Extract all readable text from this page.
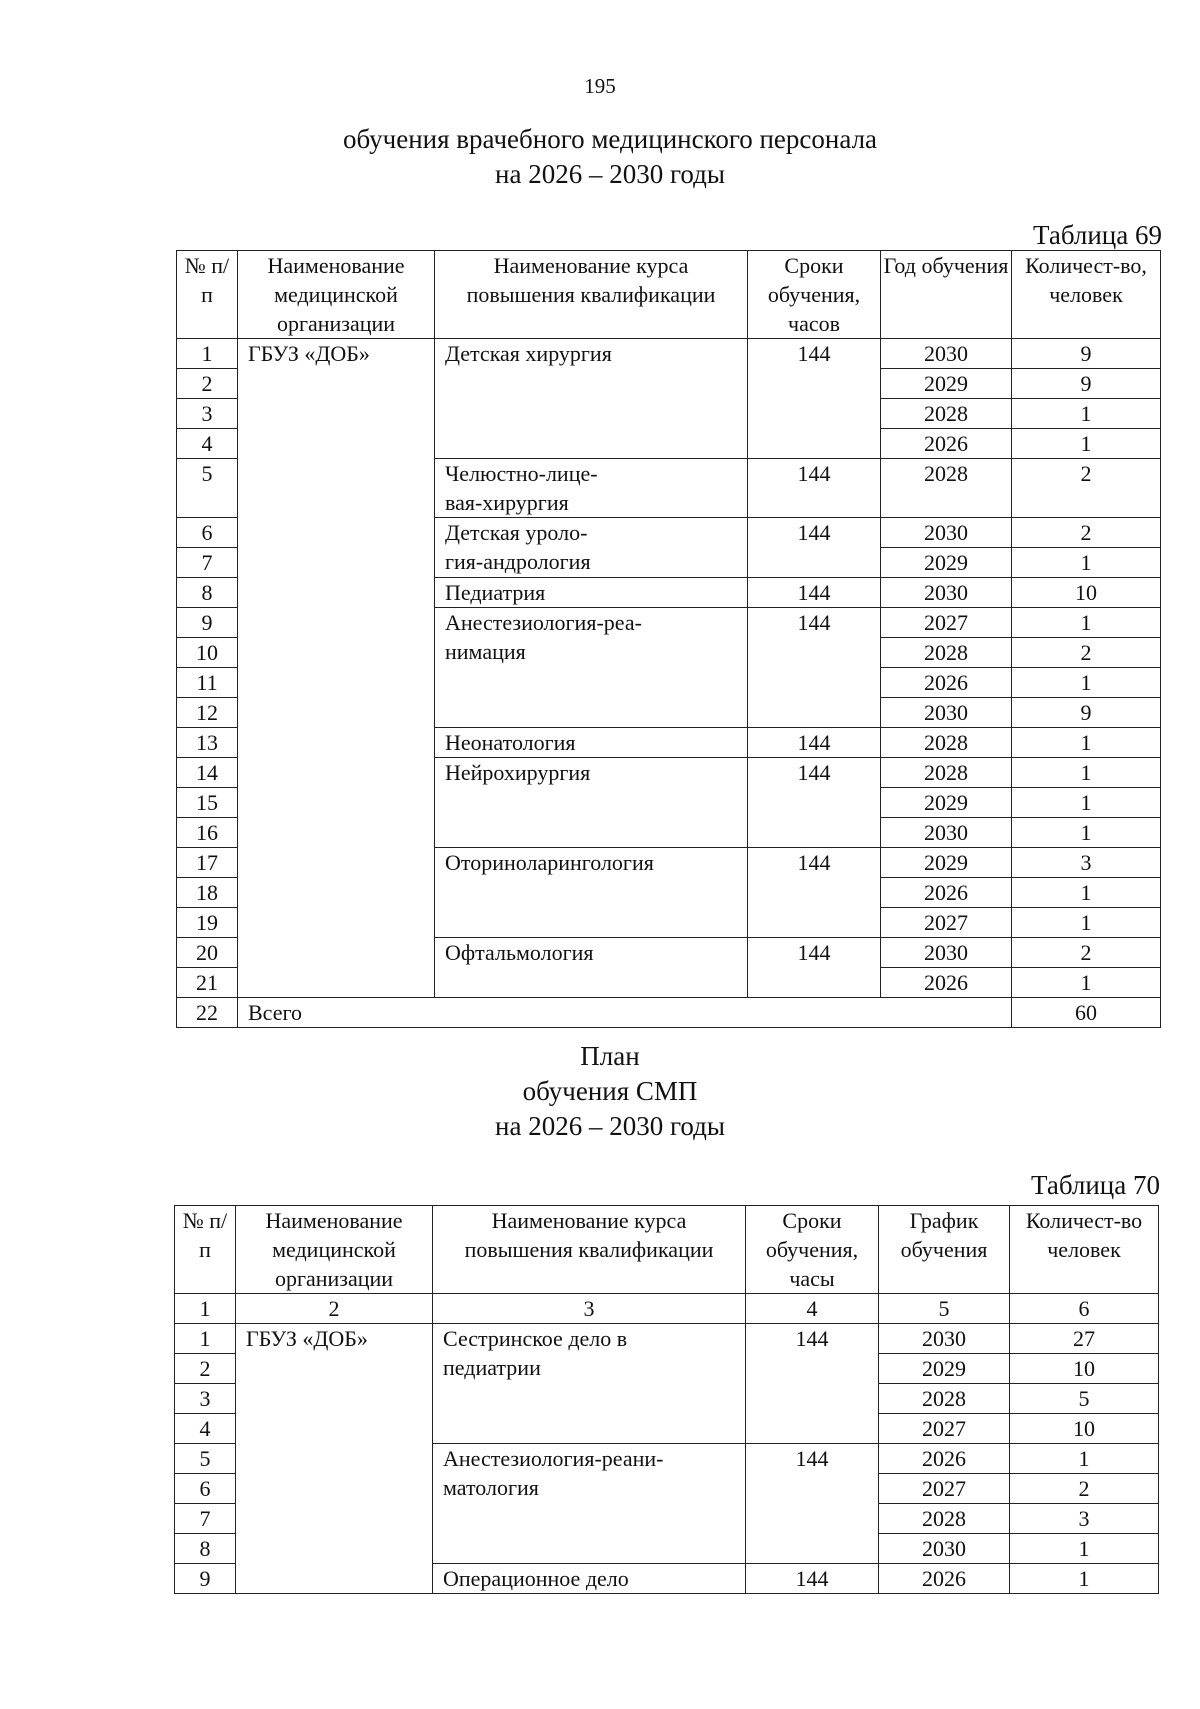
195
обучения врачебного медицинского персонала
на 2026 – 2030 годы
Таблица 69
№ п/п	Наименование медицинской организации	Наименование курса повышения квалификации	Сроки обучения, часов	Год обучения	Количест-во, человек
1	ГБУЗ «ДОБ»	Детская хирургия	144	2030	9
2				2029	9
3				2028	1
4				2026	1
5		Челюстно-лице-вая-хирургия	144	2028	2
6		Детская уроло-гия-андрология	144	2030	2
7				2029	1
8		Педиатрия	144	2030	10
9		Анестезиология-реа-нимация	144	2027	1
10				2028	2
11				2026	1
12				2030	9
13		Неонатология	144	2028	1
14		Нейрохирургия	144	2028	1
15				2029	1
16				2030	1
17		Оториноларингология	144	2029	3
18				2026	1
19				2027	1
20		Офтальмология	144	2030	2
21				2026	1
22	Всего				60
План
обучения СМП
на 2026 – 2030 годы
Таблица 70
№ п/п	Наименование медицинской организации	Наименование курса повышения квалификации	Сроки обучения, часы	График обучения	Количест-во человек
1	2	3	4	5	6
1	ГБУЗ «ДОБ»	Сестринское дело в педиатрии	144	2030	27
2				2029	10
3				2028	5
4				2027	10
5		Анестезиология-реани-матология	144	2026	1
6				2027	2
7				2028	3
8				2030	1
9		Операционное дело	144	2026	1
